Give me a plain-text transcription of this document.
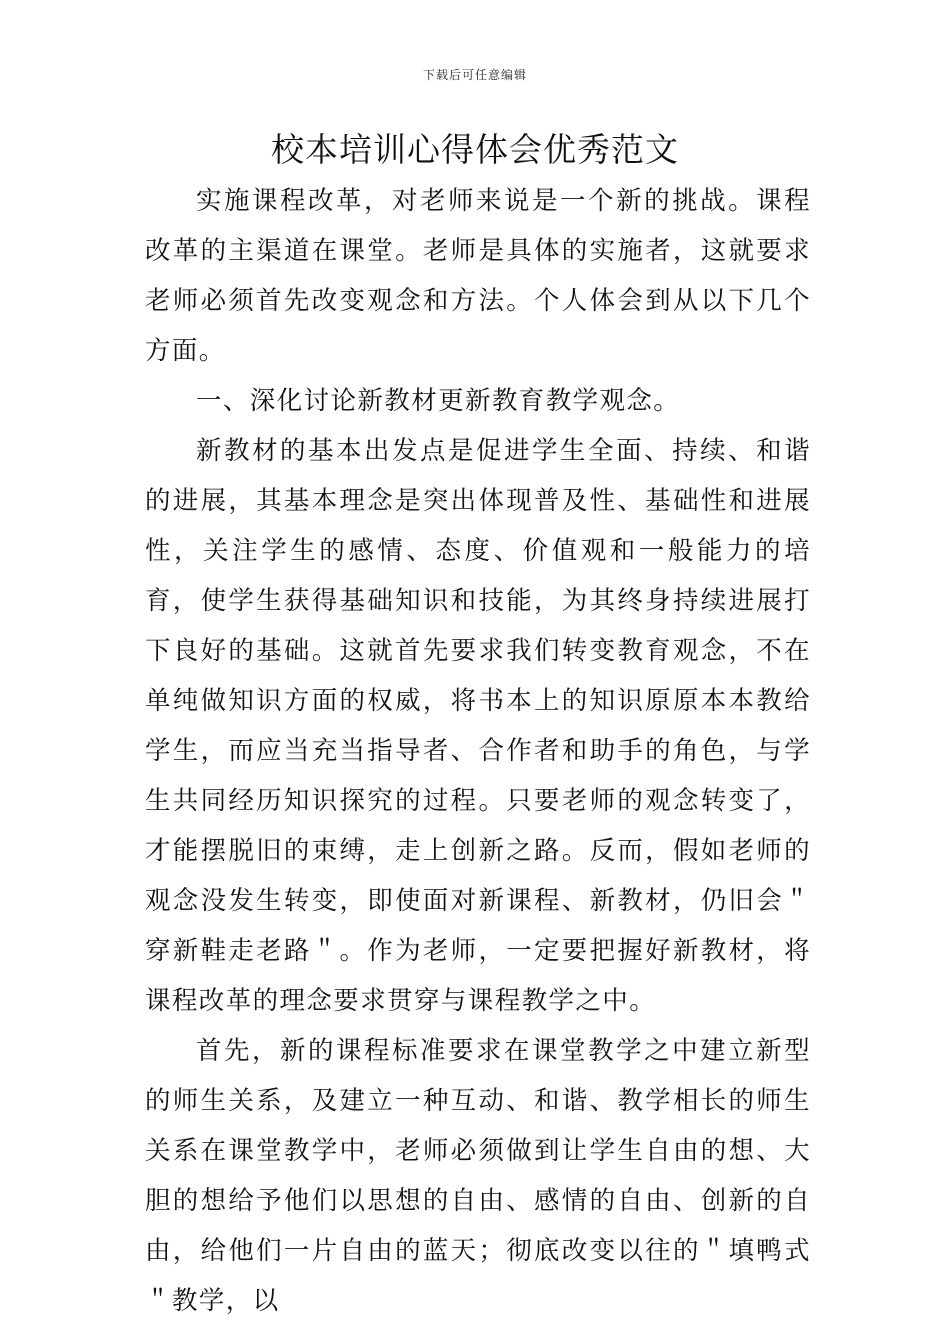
下载后可任意编辑
校本培训心得体会优秀范文

实施课程改革，对老师来说是一个新的挑战。课程改革的主渠道在课堂。老师是具体的实施者，这就要求老师必须首先改变观念和方法。个人体会到从以下几个方面。

一、深化讨论新教材更新教育教学观念。

新教材的基本出发点是促进学生全面、持续、和谐的进展，其基本理念是突出体现普及性、基础性和进展性，关注学生的感情、态度、价值观和一般能力的培育，使学生获得基础知识和技能，为其终身持续进展打下良好的基础。这就首先要求我们转变教育观念，不在单纯做知识方面的权威，将书本上的知识原原本本教给学生，而应当充当指导者、合作者和助手的角色，与学生共同经历知识探究的过程。只要老师的观念转变了，才能摆脱旧的束缚，走上创新之路。反而，假如老师的观念没发生转变，即使面对新课程、新教材，仍旧会＂穿新鞋走老路＂。作为老师，一定要把握好新教材，将课程改革的理念要求贯穿与课程教学之中。

首先，新的课程标准要求在课堂教学之中建立新型的师生关系，及建立一种互动、和谐、教学相长的师生关系在课堂教学中，老师必须做到让学生自由的想、大胆的想给予他们以思想的自由、感情的自由、创新的自由，给他们一片自由的蓝天；彻底改变以往的＂填鸭式＂教学，以
